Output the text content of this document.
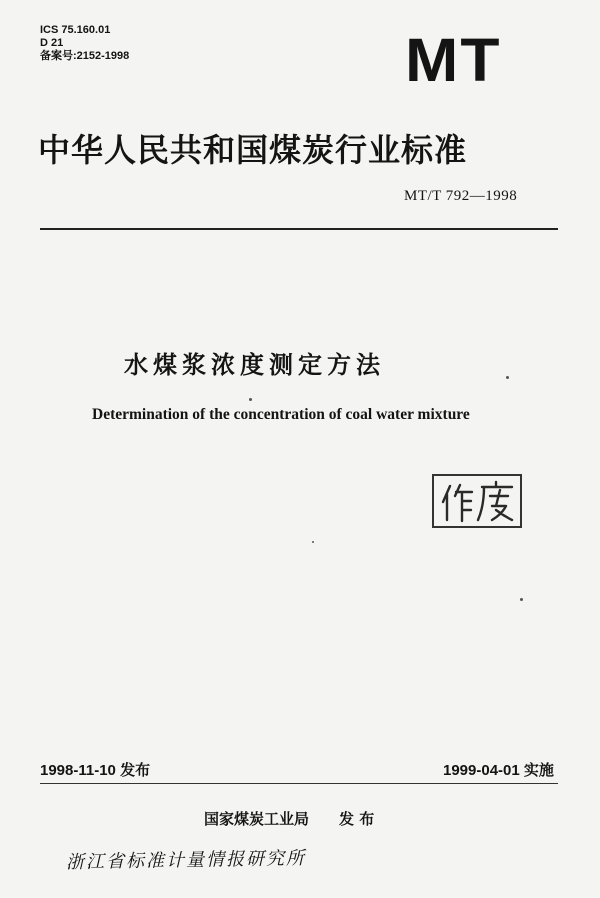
ICS 75.160.01
D 21
备案号:2152-1998	MT
中华人民共和国煤炭行业标准
MT/T 792—1998
水煤浆浓度测定方法
Determination of the concentration of coal water mixture
1998-11-10 发布	1999-04-01 实施
国家煤炭工业局 发 布
浙江省标准计量情报研究所
